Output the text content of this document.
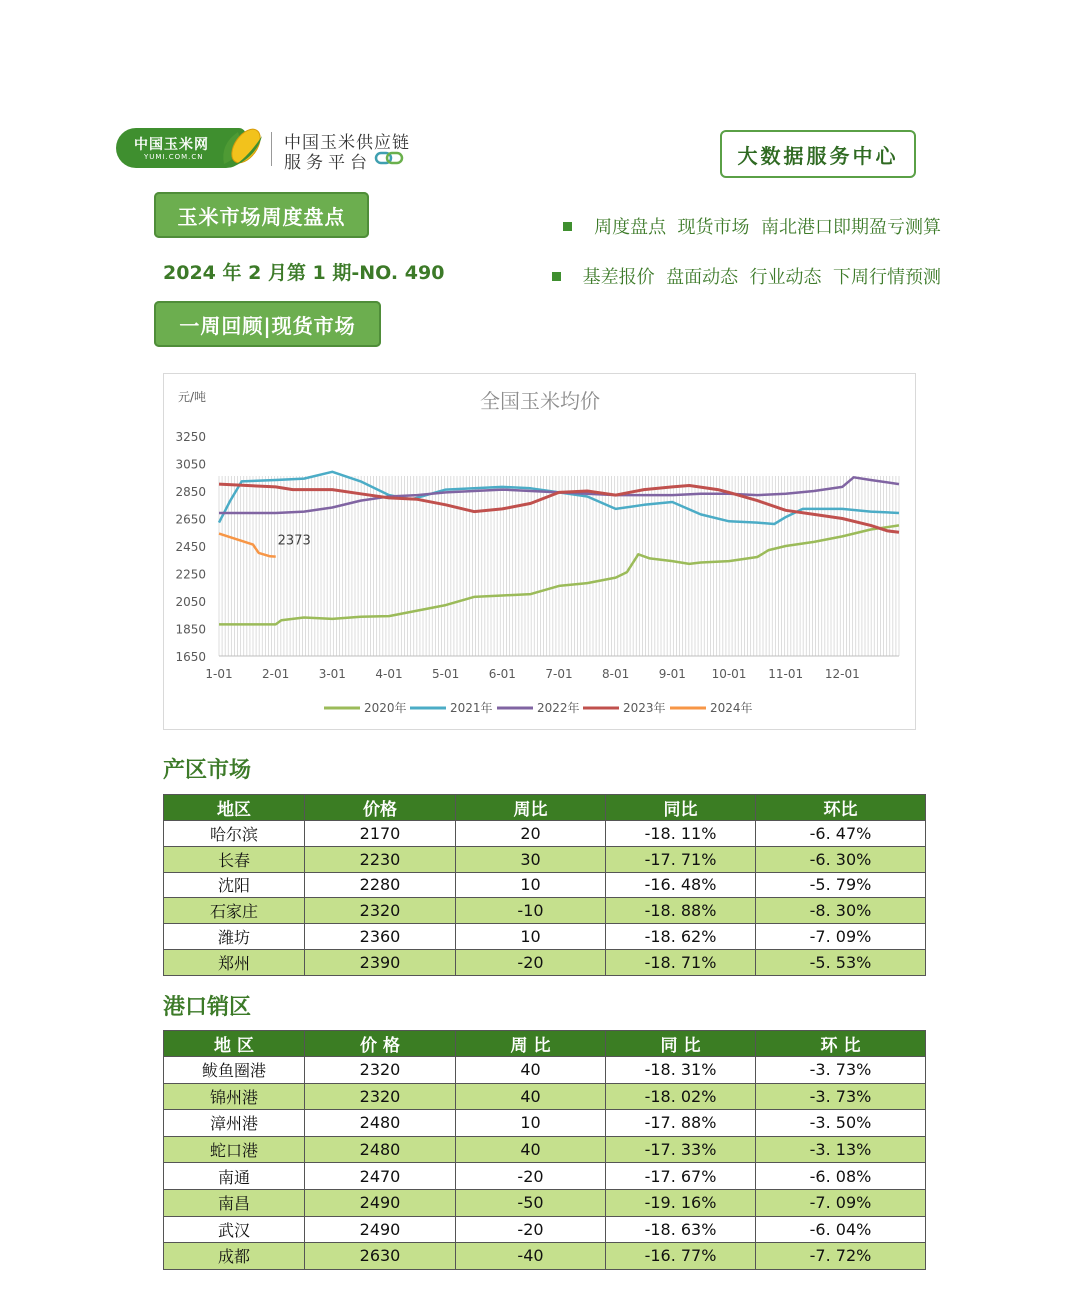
中国玉米网
YUMI.COM.CN
中国玉米供应链
服务平台	大数据服务中心
玉米市场周度盘点
2024 年 2 月第 1 期-NO. 490
一周回顾|现货市场
周度盘点  现货市场  南北港口即期盈亏测算
基差报价  盘面动态  行业动态  下周行情预测
全国玉米均价
元/吨
3250
3050
2850
2650
2450
2250
2050
1850
1650
1-01 2-01 3-01 4-01 5-01 6-01 7-01 8-01 9-01 10-01 11-01 12-01
2373
2020年	2021年	2022年	2023年	2024年
产区市场
地区	价格	周比	同比	环比
哈尔滨	2170	20	-18. 11%	-6. 47%
长春	2230	30	-17. 71%	-6. 30%
沈阳	2280	10	-16. 48%	-5. 79%
石家庄	2320	-10	-18. 88%	-8. 30%
潍坊	2360	10	-18. 62%	-7. 09%
郑州	2390	-20	-18. 71%	-5. 53%
港口销区
地 区	价 格	周 比	同 比	环 比
鲅鱼圈港	2320	40	-18. 31%	-3. 73%
锦州港	2320	40	-18. 02%	-3. 73%
漳州港	2480	10	-17. 88%	-3. 50%
蛇口港	2480	40	-17. 33%	-3. 13%
南通	2470	-20	-17. 67%	-6. 08%
南昌	2490	-50	-19. 16%	-7. 09%
武汉	2490	-20	-18. 63%	-6. 04%
成都	2630	-40	-16. 77%	-7. 72%
